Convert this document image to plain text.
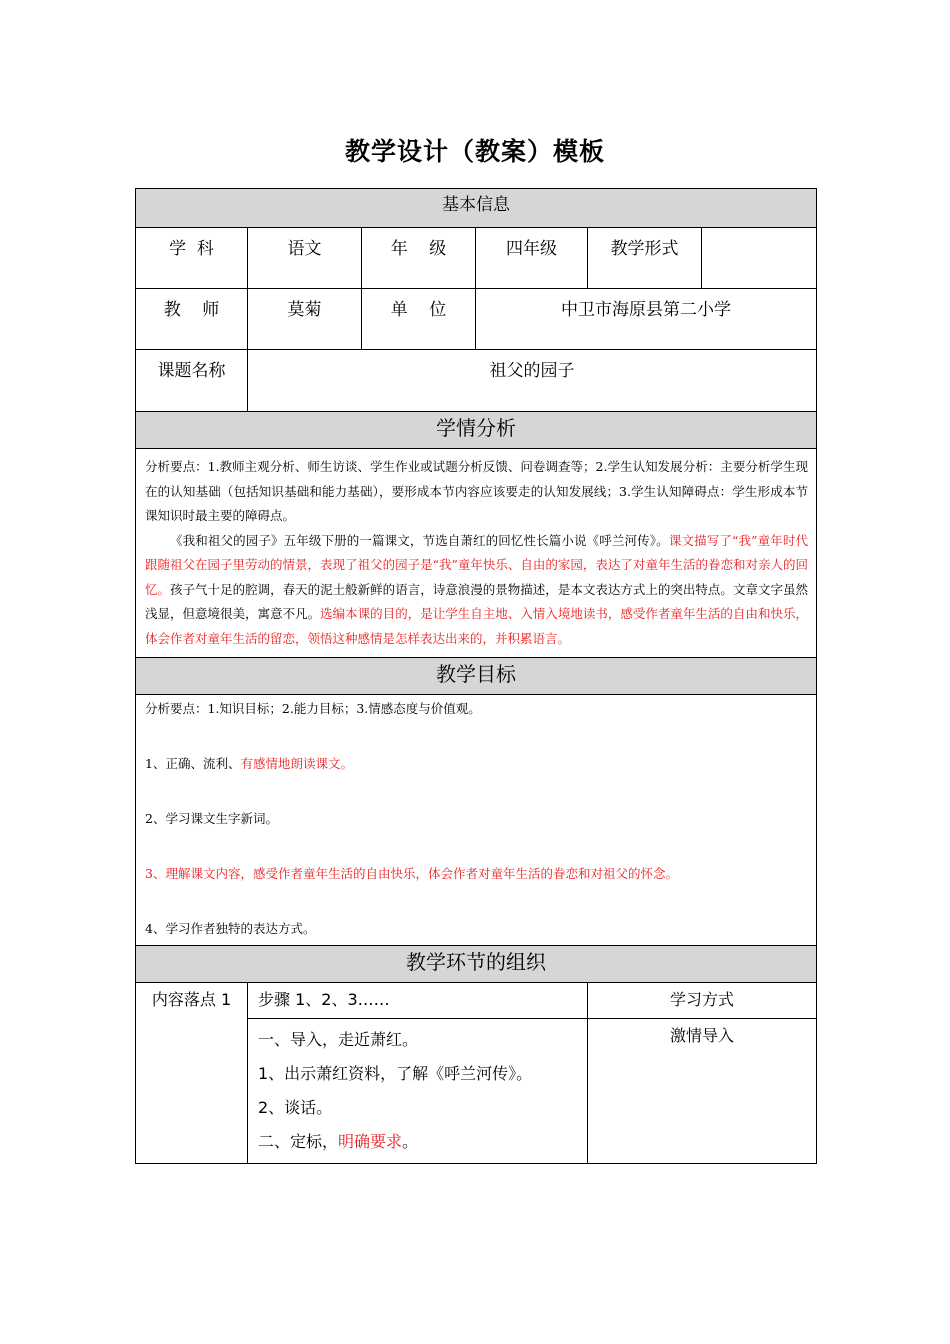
教学设计（教案）模板
基本信息					
学  科	语文	年    级	四年级	教学形式	
教    师	莫菊	单    位	中卫市海原县第二小学		
课题名称	祖父的园子				
学情分析					

分析要点：1.教师主观分析、师生访谈、学生作业或试题分析反馈、问卷调查等；2.学生认知发展分析：主要分析学生现在的认知基础（包括知识基础和能力基础），要形成本节内容应该要走的认知发展线；3.学生认知障碍点：学生形成本节课知识时最主要的障碍点。
《我和祖父的园子》五年级下册的一篇课文，节选自萧红的回忆性长篇小说《呼兰河传》。课文描写了“我”童年时代跟随祖父在园子里劳动的情景，表现了祖父的园子是“我”童年快乐、自由的家园，表达了对童年生活的眷恋和对亲人的回忆。孩子气十足的腔调，春天的泥土般新鲜的语言，诗意浪漫的景物描述，是本文表达方式上的突出特点。文章文字虽然浅显，但意境很美，寓意不凡。选编本课的目的，是让学生自主地、入情入境地读书，感受作者童年生活的自由和快乐，体会作者对童年生活的留恋，领悟这种感情是怎样表达出来的，并积累语言。					

教学目标					

分析要点：1.知识目标；2.能力目标；3.情感态度与价值观。
1、正确、流利、有感情地朗读课文。
2、学习课文生字新词。
3、理解课文内容，感受作者童年生活的自由快乐，体会作者对童年生活的眷恋和对祖父的怀念。
4、学习作者独特的表达方式。					

教学环节的组织					
内容落点 1	步骤 1、2、3……			学习方式	

	一、导入，走近萧红。
1、出示萧红资料，了解《呼兰河传》。
2、谈话。
二、定标，明确要求。			激情导入	
